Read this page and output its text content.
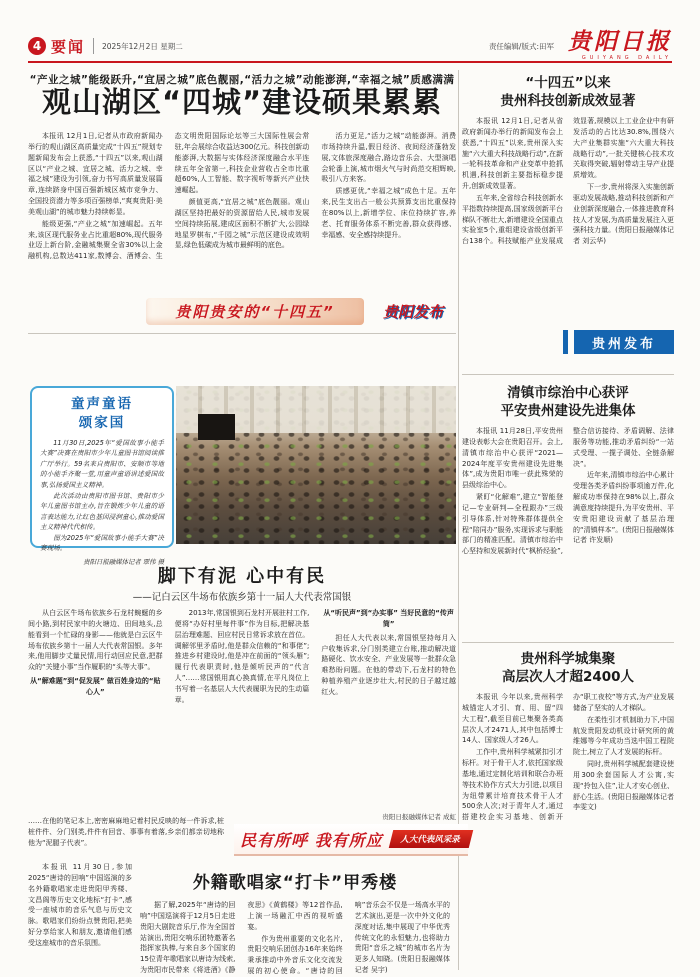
4 要闻 2025年12月2日 星期二	责任编辑/版式:田军 贵阳日报
GUIYANG DAILY
“产业之城”能级跃升,“宜居之城”底色靓丽,“活力之城”动能澎湃,“幸福之城”质感满满
观山湖区“四城”建设硕果累累

本报讯 12月1日,记者从市政府新闻办举行的观山湖区高质量完成“十四五”规划专题新闻发布会上获悉,“十四五”以来,观山湖区以“产业之城、宜居之城、活力之城、幸福之城”建设为引领,奋力书写高质量发展篇章,连续跻身中国百强新城区城市竞争力、全国投资潜力等多项百强榜单,“爽爽贵阳·美美观山湖”的城市魅力持续彰显。

能级更强,“产业之城”加速崛起。五年来,该区现代服务业占比重超80%,现代服务业迈上新台阶,金融城集聚全省30%以上金融机构,总数达411家,数博会、酒博会、生态文明贵阳国际论坛等三大国际性展会常驻,年会展综合收益达300亿元。科技创新动能澎湃,大数据与实体经济深度融合水平连续五年全省第一,科技企业营收占全市比重超60%,人工智能、数字视听等新兴产业快速崛起。

颜值更高,“宜居之城”底色靓丽。观山湖区坚持把最好的资源留给人民,城市发展空间持续拓展,建成区面积不断扩大,公园绿地星罗棋布,“千园之城”示范区建设成效明显,绿色低碳成为城市最鲜明的底色。

活力更足,“活力之城”动能澎湃。消费市场持续升温,假日经济、夜间经济蓬勃发展,文体旅深度融合,路边音乐会、大型演唱会轮番上演,城市烟火气与时尚范交相辉映,吸引八方来客。

质感更优,“幸福之城”成色十足。五年来,民生支出占一般公共预算支出比重保持在80%以上,新增学位、床位持续扩容,养老、托育服务体系不断完善,群众获得感、幸福感、安全感持续提升。

贵阳贵安的“十四五”	贵阳发布
“十四五”以来
贵州科技创新成效显著

本报讯 12月1日,记者从省政府新闻办举行的新闻发布会上获悉,“十四五”以来,贵州深入实施“六大重大科技战略行动”,在新一轮科技革命和产业变革中抢抓机遇,科技创新主要指标稳步提升,创新成效显著。

五年来,全省综合科技创新水平指数持续提高,国家级创新平台梯队不断壮大,新增建设全国重点实验室5个,重组建设省级创新平台138个。科技赋能产业发展成效显著,规模以上工业企业中有研发活动的占比达30.8%,围绕六大产业集群实施“六大重大科技战略行动”,一批关键核心技术攻关取得突破,辐射带动主导产业提质增效。

下一步,贵州将深入实施创新驱动发展战略,推动科技创新和产业创新深度融合,一体推进教育科技人才发展,为高质量发展注入更强科技力量。(贵阳日报融媒体记者 刘云华)

贵州发布
童声童语
颂家国

11月30日,2025年“爱国故事小能手大赛”决赛在贵阳市少年儿童图书馆阅读推广厅举行。59名来自贵阳市、安顺市等地的小能手齐聚一堂,用童声童语讲述爱国故事,弘扬爱国主义精神。

此次活动由贵阳市图书馆、贵阳市少年儿童图书馆主办,旨在锻炼少年儿童的语言表达能力,让红色基因浸润童心,推动爱国主义精神代代相传。

图为2025年“爱国故事小能手大赛”决赛现场。

贵阳日报融媒体记者 覃伟 摄
清镇市综治中心获评
平安贵州建设先进集体

本报讯 11月28日,平安贵州建设表彰大会在贵阳召开。会上,清镇市综治中心获评“2021—2024年度平安贵州建设先进集体”,成为贵阳市唯一获此殊荣的县级综治中心。

紧盯“化解难”,建立“智能登记—专业研判—全程跟办”三级引导体系,针对特殊群体提供全程“陪同办”服务,实现诉求与职能部门的精准匹配。清镇市综治中心坚持和发展新时代“枫桥经验”,整合信访接待、矛盾调解、法律服务等功能,推动矛盾纠纷“一站式受理、一揽子调处、全链条解决”。

近年来,清镇市综治中心累计受理各类矛盾纠纷事项逾万件,化解成功率保持在98%以上,群众满意度持续提升,为平安贵州、平安贵阳建设贡献了基层治理的“清镇样本”。(贵阳日报融媒体记者 许发顺)

贵州科学城集聚
高层次人才超2400人

本报讯 今年以来,贵州科学城锚定人才引、育、用、留“四大工程”,截至目前已集聚各类高层次人才2471人,其中包括博士14人、国家级人才26人。

工作中,贵州科学城紧扣引才标杆。对于骨干人才,依托国家级基地,通过定制化培训和联合办班等技术协作方式大力引进,以项目为纽带累计培育技术骨干人才500余人次;对于青年人才,通过搭建校企实习基地、创新开办“职工夜校”等方式,为产业发展储备了坚实的人才梯队。

在柔性引才机制助力下,中国航发贵阳发动机设计研究所的黄维娜等今年成功当选中国工程院院士,树立了人才发展的标杆。

同时,贵州科学城配套建设使用300余套国际人才公寓,实现“拎包入住”,让人才安心创业、舒心生活。(贵阳日报融媒体记者 李雯文)

脚下有泥 心中有民
——记白云区牛场布依族乡第十一届人大代表常国银

从白云区牛场布依族乡石龙村蜿蜒的乡间小路,到村民家中的火塘边、田间地头,总能看到一个忙碌的身影——他就是白云区牛场布依族乡第十一届人大代表常国银。多年来,他用脚步丈量民情,用行动回应民意,把群众的“关键小事”当作履职的“头等大事”。

从“解难题”到“促发展” 做百姓身边的“贴心人”

2013年,常国银到石龙村开展驻村工作,便将“办好村里每件事”作为目标,把解决基层治理难题、回应村民日常诉求放在首位。调解邻里矛盾时,他是群众信赖的“和事佬”;推进乡村建设时,他是冲在前面的“领头雁”;履行代表职责时,他是倾听民声的“代言人”……常国银用真心换真情,在平凡岗位上书写着一名基层人大代表履职为民的生动篇章。

从“听民声”到“办实事” 当好民意的“传声筒”

担任人大代表以来,常国银坚持每月入户收集诉求,分门别类建立台账,推动解决道路硬化、饮水安全、产业发展等一批群众急难愁盼问题。在他的带动下,石龙村的特色种植养殖产业逐步壮大,村民的日子越过越红火。

……在他的笔记本上,密密麻麻地记着村民反映的每一件诉求,桩桩件件、分门别类,件件有回音、事事有着落,乡亲们都亲切地称他为“泥腿子代表”。

贵阳日报融媒体记者 成虹
民有所呼 我有所应	人大代表风采录

本报讯 11月30日,参加2025“唐诗的回响”中国巡演的多名外籍歌唱家走进贵阳甲秀楼、文昌阁等历史文化地标“打卡”,感受一座城市的音乐气息与历史文脉。歌唱家们纷纷点赞贵阳,把美好分享给家人和朋友,邀请他们感受这座城市的音乐氛围。

外籍歌唱家“打卡”甲秀楼

据了解,2025年“唐诗的回响”中国巡演将于12月5日走进贵阳大剧院音乐厅,作为全国首站演出,贵阳交响乐团特邀著名指挥家执棒,与来自多个国家的15位青年歌唱家以唐诗为线索,为贵阳市民带来《将进酒》《静夜思》《黄鹤楼》等12首作品,上演一场融汇中西的视听盛宴。

作为贵州重要的文化名片,贵阳交响乐团创办16年来始终秉承推动中外音乐文化交流发展的初心使命。“唐诗的回响”音乐会不仅是一场高水平的艺术演出,更是一次中外文化的深度对话,集中展现了中华优秀传统文化的永恒魅力,也将助力贵阳“音乐之城”的城市名片为更多人知晓。(贵阳日报融媒体记者 吴宇)
